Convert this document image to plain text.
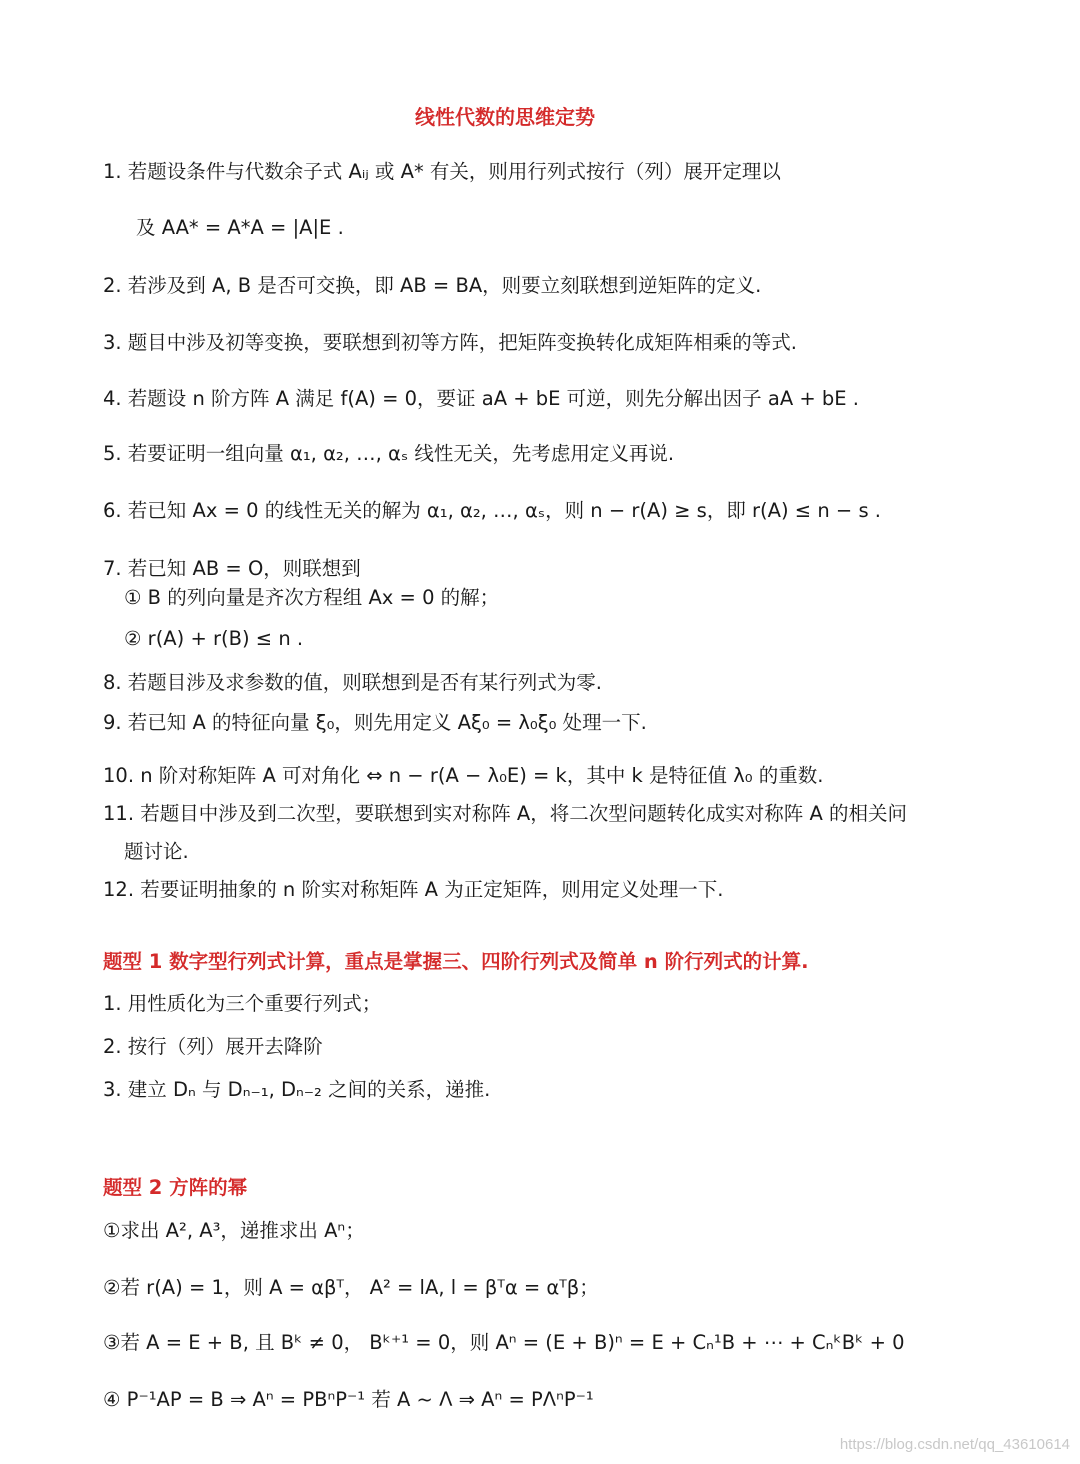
线性代数的思维定势
1. 若题设条件与代数余子式 Aᵢⱼ 或 A* 有关，则用行列式按行（列）展开定理以
及 AA* = A*A = |A|E .
2. 若涉及到 A, B 是否可交换，即 AB = BA，则要立刻联想到逆矩阵的定义.
3. 题目中涉及初等变换，要联想到初等方阵，把矩阵变换转化成矩阵相乘的等式.
4. 若题设 n 阶方阵 A 满足 f(A) = 0，要证 aA + bE 可逆，则先分解出因子 aA + bE .
5. 若要证明一组向量 α₁, α₂, …, αₛ 线性无关，先考虑用定义再说.
6. 若已知 Ax = 0 的线性无关的解为 α₁, α₂, …, αₛ，则 n − r(A) ≥ s，即 r(A) ≤ n − s .
7. 若已知 AB = O，则联想到
① B 的列向量是齐次方程组 Ax = 0 的解；
② r(A) + r(B) ≤ n .
8. 若题目涉及求参数的值，则联想到是否有某行列式为零.
9. 若已知 A 的特征向量 ξ₀，则先用定义 Aξ₀ = λ₀ξ₀ 处理一下.
10. n 阶对称矩阵 A 可对角化 ⇔ n − r(A − λ₀E) = k，其中 k 是特征值 λ₀ 的重数.
11. 若题目中涉及到二次型，要联想到实对称阵 A，将二次型问题转化成实对称阵 A 的相关问
题讨论.
12. 若要证明抽象的 n 阶实对称矩阵 A 为正定矩阵，则用定义处理一下.
题型 1 数字型行列式计算，重点是掌握三、四阶行列式及简单 n 阶行列式的计算.
1. 用性质化为三个重要行列式；
2. 按行（列）展开去降阶
3. 建立 Dₙ 与 Dₙ₋₁, Dₙ₋₂ 之间的关系，递推.
题型 2 方阵的幂
①求出 A², A³，递推求出 Aⁿ；
②若 r(A) = 1，则 A = αβᵀ， A² = lA, l = βᵀα = αᵀβ；
③若 A = E + B, 且 Bᵏ ≠ 0， Bᵏ⁺¹ = 0，则 Aⁿ = (E + B)ⁿ = E + Cₙ¹B + ⋯ + CₙᵏBᵏ + 0
④ P⁻¹AP = B ⇒ Aⁿ = PBⁿP⁻¹ 若 A ~ Λ ⇒ Aⁿ = PΛⁿP⁻¹
https://blog.csdn.net/qq_43610614
